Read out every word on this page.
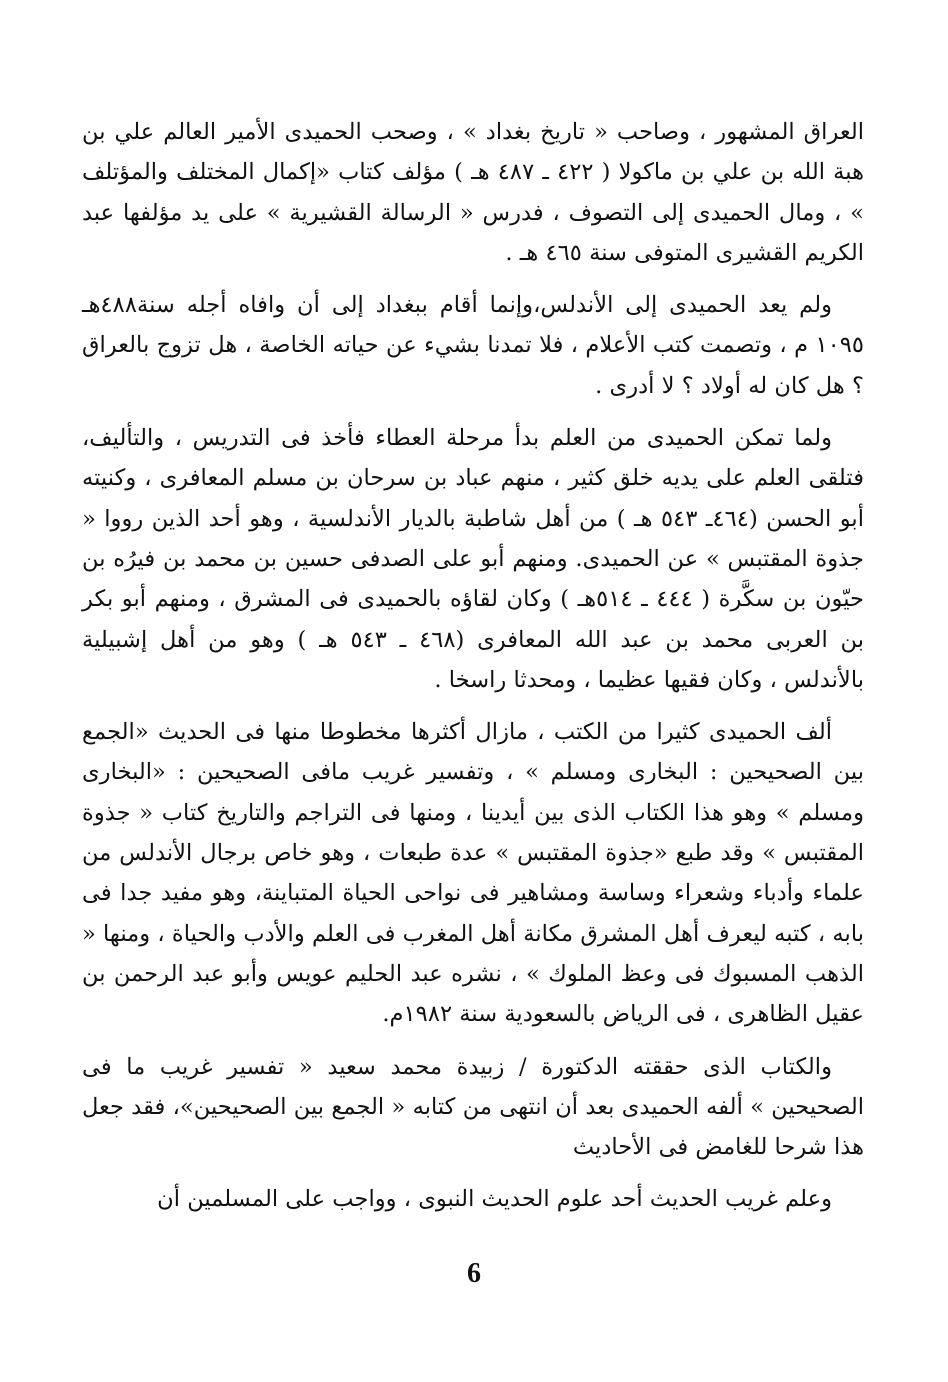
العراق المشهور ، وصاحب « تاريخ بغداد » ، وصحب الحميدى الأمير العالم علي بن هبة الله بن علي بن ماكولا ( ٤٢٢ ـ ٤٨٧ هـ ) مؤلف كتاب «إكمال المختلف والمؤتلف » ، ومال الحميدى إلى التصوف ، فدرس « الرسالة القشيرية » على يد مؤلفها عبد الكريم القشيرى المتوفى سنة ٤٦٥ هـ .

ولم يعد الحميدى إلى الأندلس،وإنما أقام ببغداد إلى أن وافاه أجله سنة٤٨٨هـ ١٠٩٥ م ، وتصمت كتب الأعلام ، فلا تمدنا بشيء عن حياته الخاصة ، هل تزوج بالعراق ؟ هل كان له أولاد ؟ لا أدرى .

ولما تمكن الحميدى من العلم بدأ مرحلة العطاء فأخذ فى التدريس ، والتأليف، فتلقى العلم على يديه خلق كثير ، منهم عباد بن سرحان بن مسلم المعافرى ، وكنيته أبو الحسن (٤٦٤ـ ٥٤٣ هـ ) من أهل شاطبة بالديار الأندلسية ، وهو أحد الذين رووا « جذوة المقتبس » عن الحميدى. ومنهم أبو على الصدفى حسين بن محمد بن فيرُه بن حيّون بن سكَّرة ( ٤٤٤ ـ ٥١٤هـ ) وكان لقاؤه بالحميدى فى المشرق ، ومنهم أبو بكر بن العربى محمد بن عبد الله المعافرى (٤٦٨ ـ ٥٤٣ هـ ) وهو من أهل إشبيلية بالأندلس ، وكان فقيها عظيما ، ومحدثا راسخا .

ألف الحميدى كثيرا من الكتب ، مازال أكثرها مخطوطا منها فى الحديث «الجمع بين الصحيحين : البخارى ومسلم » ، وتفسير غريب مافى الصحيحين : «البخارى ومسلم » وهو هذا الكتاب الذى بين أيدينا ، ومنها فى التراجم والتاريخ كتاب « جذوة المقتبس » وقد طبع «جذوة المقتبس » عدة طبعات ، وهو خاص برجال الأندلس من علماء وأدباء وشعراء وساسة ومشاهير فى نواحى الحياة المتباينة، وهو مفيد جدا فى بابه ، كتبه ليعرف أهل المشرق مكانة أهل المغرب فى العلم والأدب والحياة ، ومنها « الذهب المسبوك فى وعظ الملوك » ، نشره عبد الحليم عويس وأبو عبد الرحمن بن عقيل الظاهرى ، فى الرياض بالسعودية سنة ١٩٨٢م.

والكتاب الذى حققته الدكتورة / زبيدة محمد سعيد « تفسير غريب ما فى الصحيحين » ألفه الحميدى بعد أن انتهى من كتابه « الجمع بين الصحيحين»، فقد جعل هذا شرحا للغامض فى الأحاديث

وعلم غريب الحديث أحد علوم الحديث النبوى ، وواجب على المسلمين أن

6
